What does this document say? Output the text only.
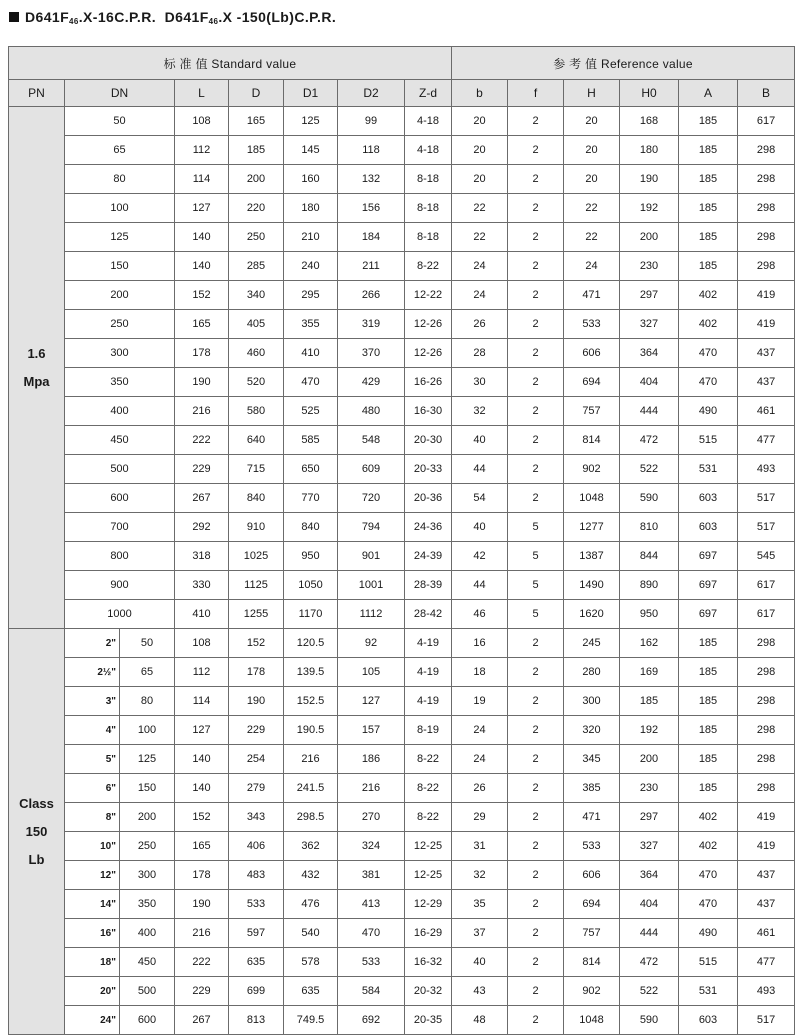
$D641F_{46}.X-16C.P.R$. $D641F_{46}.X$ -150(Lb)C.P.R.
标 准 值 Standard value								参 考 值 Reference value						
PN	DN		L	D	D1	D2	Z-d	b	f	H	H0	A	B	

1.6
Mpa	50		108	165	125	99	4-18	20	2	20	168	185	617	
	65		112	185	145	118	4-18	20	2	20	180	185	298	
	80		114	200	160	132	8-18	20	2	20	190	185	298	
	100		127	220	180	156	8-18	22	2	22	192	185	298	
	125		140	250	210	184	8-18	22	2	22	200	185	298	
	150		140	285	240	211	8-22	24	2	24	230	185	298	
	200		152	340	295	266	12-22	24	2	471	297	402	419	
	250		165	405	355	319	12-26	26	2	533	327	402	419	
	300		178	460	410	370	12-26	28	2	606	364	470	437	
	350		190	520	470	429	16-26	30	2	694	404	470	437	
	400		216	580	525	480	16-30	32	2	757	444	490	461	
	450		222	640	585	548	20-30	40	2	814	472	515	477	
	500		229	715	650	609	20-33	44	2	902	522	531	493	
	600		267	840	770	720	20-36	54	2	1048	590	603	517	
	700		292	910	840	794	24-36	40	5	1277	810	603	517	
	800		318	1025	950	901	24-39	42	5	1387	844	697	545	
	900		330	1125	1050	1001	28-39	44	5	1490	890	697	617	
	1000		410	1255	1170	1112	28-42	46	5	1620	950	697	617	

Class
150
Lb	2"	50	108	152	120.5	92	4-19	16	2	245	162	185	298	
	2½"	65	112	178	139.5	105	4-19	18	2	280	169	185	298	
	3"	80	114	190	152.5	127	4-19	19	2	300	185	185	298	
	4"	100	127	229	190.5	157	8-19	24	2	320	192	185	298	
	5"	125	140	254	216	186	8-22	24	2	345	200	185	298	
	6"	150	140	279	241.5	216	8-22	26	2	385	230	185	298	
	8"	200	152	343	298.5	270	8-22	29	2	471	297	402	419	
	10"	250	165	406	362	324	12-25	31	2	533	327	402	419	
	12"	300	178	483	432	381	12-25	32	2	606	364	470	437	
	14"	350	190	533	476	413	12-29	35	2	694	404	470	437	
	16"	400	216	597	540	470	16-29	37	2	757	444	490	461	
	18"	450	222	635	578	533	16-32	40	2	814	472	515	477	
	20"	500	229	699	635	584	20-32	43	2	902	522	531	493	
	24"	600	267	813	749.5	692	20-35	48	2	1048	590	603	517	
